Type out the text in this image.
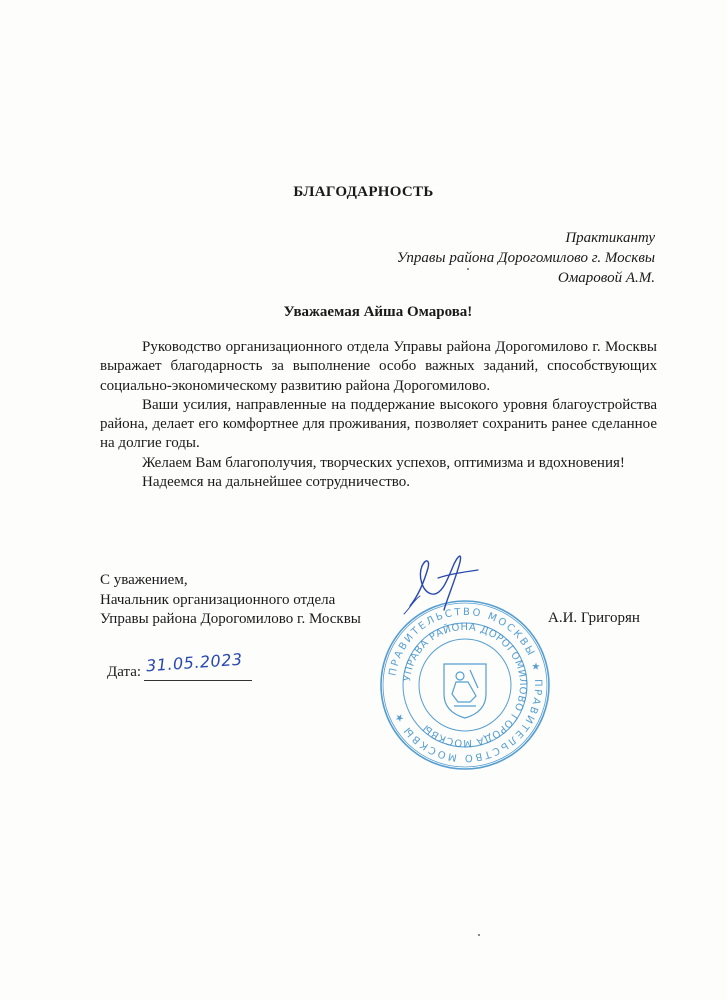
БЛАГОДАРНОСТЬ
Практиканту
Управы района Дорогомилово г. Москвы
Омаровой А.М.
Уважаемая Айша Омарова!

Руководство организационного отдела Управы района Дорогомилово г. Москвы выражает благодарность за выполнение особо важных заданий, способствующих социально-экономическому развитию района Дорогомилово.

Ваши усилия, направленные на поддержание высокого уровня благоустройства района, делает его комфортнее для проживания, позволяет сохранить ранее сделанное на долгие годы.

Желаем Вам благополучия, творческих успехов, оптимизма и вдохновения!

Надеемся на дальнейшее сотрудничество.

С уважением,
Начальник организационного отдела
Управы района Дорогомилово г. Москвы
ПРАВИТЕЛЬСТВО МОСКВЫ ★ ПРАВИТЕЛЬСТВО МОСКВЫ ★
УПРАВА РАЙОНА ДОРОГОМИЛОВО ГОРОДА МОСКВЫ
А.И. Григорян
Дата: 31.05.2023
